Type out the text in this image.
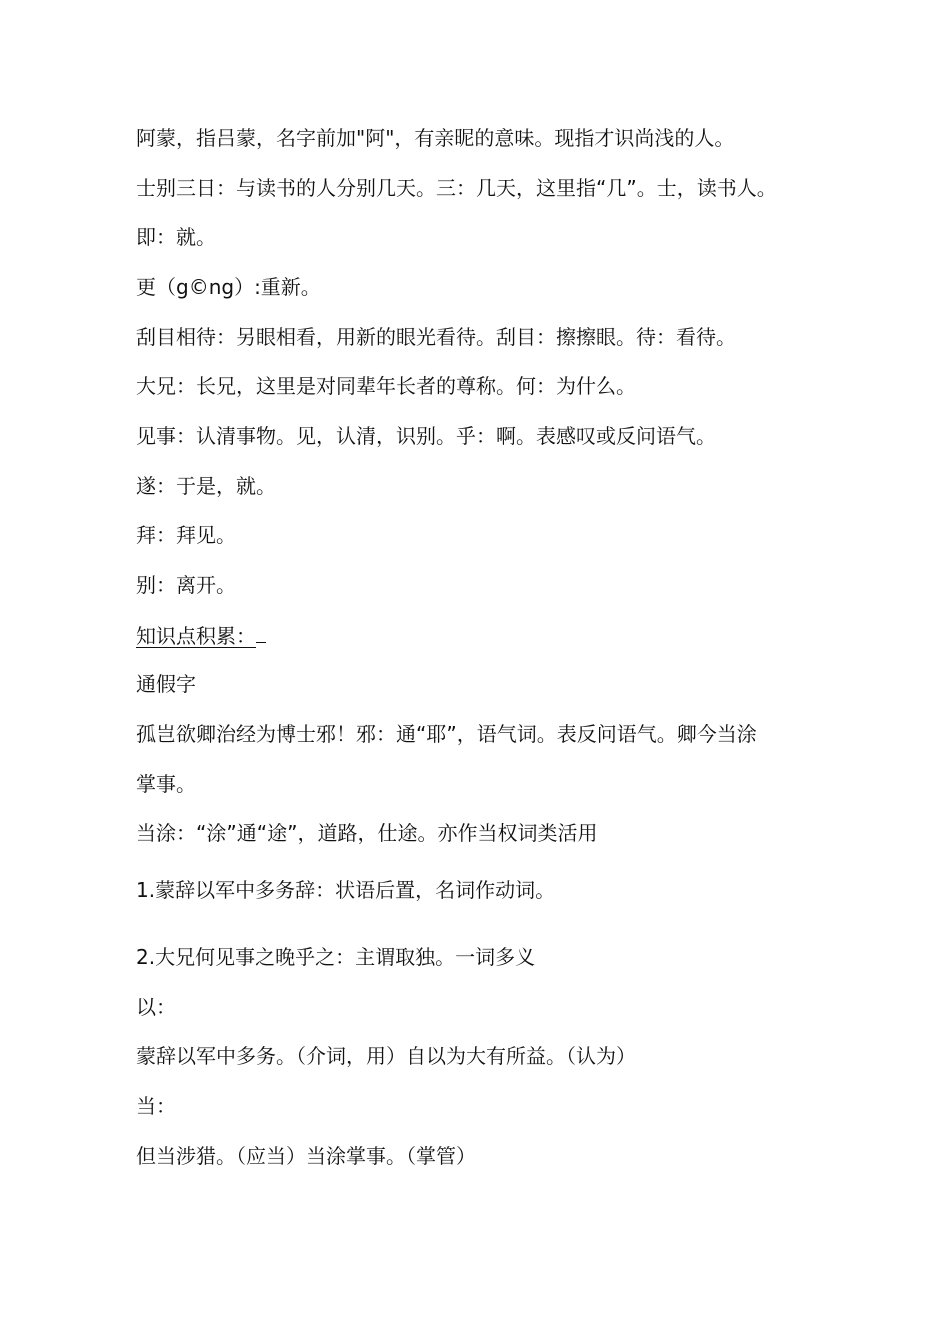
阿蒙，指吕蒙，名字前加"阿"，有亲昵的意味。现指才识尚浅的人。
士别三日：与读书的人分别几天。三：几天，这里指“几”。士，读书人。
即：就。
更（g©ng）:重新。
刮目相待：另眼相看，用新的眼光看待。刮目：擦擦眼。待：看待。
大兄：长兄，这里是对同辈年长者的尊称。何：为什么。
见事：认清事物。见，认清，识别。乎：啊。表感叹或反问语气。
遂：于是，就。
拜：拜见。
别：离开。
知识点积累：
通假字
孤岂欲卿治经为博士邪！邪：通“耶”，语气词。表反问语气。卿今当涂
掌事。
当涂：“涂”通“途”，道路，仕途。亦作当权词类活用
1.蒙辞以军中多务辞：状语后置，名词作动词。
2.大兄何见事之晚乎之：主谓取独。一词多义
以：
蒙辞以军中多务。（介词，用）自以为大有所益。（认为）
当：
但当涉猎。（应当）当涂掌事。（掌管）
